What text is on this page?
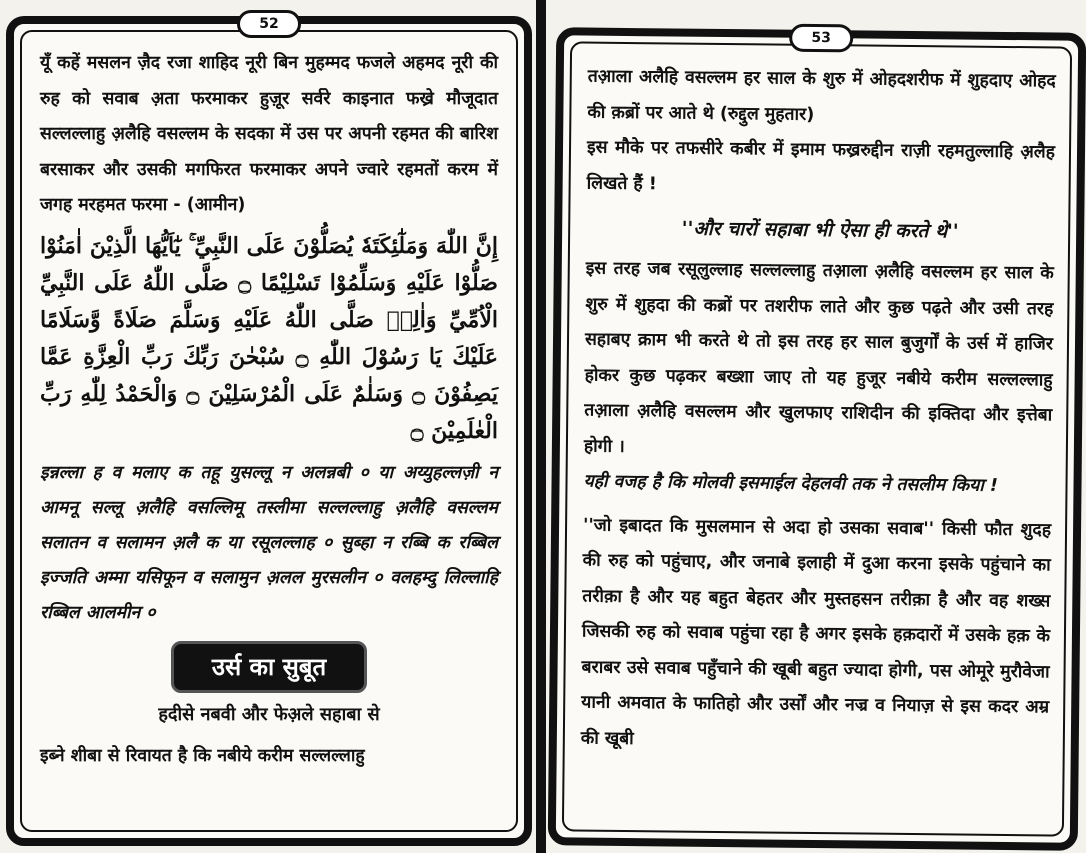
52

यूँ कहें मसलन ज़ैद रजा शाहिद नूरी बिन मुहम्मद फजले अहमद नूरी की रुह को सवाब अ़ता फरमाकर हुज़ूर सर्वरे काइनात फख्रे मौजूदात सल्लल्लाहु अ़लैहि वसल्लम के सदका में उस पर अपनी रहमत की बारिश बरसाकर और उसकी मगफिरत फरमाकर अपने ज्वारे रहमतों करम में जगह मरहमत फरमा - (आमीन)

إِنَّ اللّٰهَ وَمَلٰٓئِكَتَهٗ يُصَلُّوْنَ عَلَى النَّبِيِّ ۚ يٰٓاَيُّهَا الَّذِيْنَ اٰمَنُوْا صَلُّوْا عَلَيْهِ وَسَلِّمُوْا تَسْلِيْمًا ۝ صَلَّى اللّٰهُ عَلَى النَّبِيِّ الْاُمِّيِّ وَاٰلِهٖ صَلَّى اللّٰهُ عَلَيْهِ وَسَلَّمَ صَلَاةً وَّسَلَامًا عَلَيْكَ يَا رَسُوْلَ اللّٰهِ ۝ سُبْحٰنَ رَبِّكَ رَبِّ الْعِزَّةِ عَمَّا يَصِفُوْنَ ۝ وَسَلٰمٌ عَلَى الْمُرْسَلِيْنَ ۝ وَالْحَمْدُ لِلّٰهِ رَبِّ الْعٰلَمِيْنَ ۝

इन्नल्ला ह व मलाए क तहू युसल्लू न अलन्नबी ० या अय्युहल्लज़ी न आमनू सल्लू अ़लैहि वसल्लिमू तस्लीमा सल्लल्लाहु अ़लैहि वसल्लम सलातन व सलामन अ़लै क या रसूलल्लाह ० सुब्हा न रब्बि क रब्बिल इज्जति अम्मा यसिफून व सलामुन अ़लल मुरसलीन ० वलहम्दु लिल्लाहि रब्बिल आलमीन ०

उर्स का सुबूत

हदीसे नबवी और फेअ़ले सहाबा से

इब्ने शीबा से रिवायत है कि नबीये करीम सल्लल्लाहु

53

तआ़ला अलैहि वसल्लम हर साल के शुरु में ओहदशरीफ में शुहदाए ओहद की क़ब्रों पर आते थे (रुद्दुल मुहतार)

इस मौके पर तफसीरे कबीर में इमाम फख्ररुद्दीन राज़ी रहमतुल्लाहि अ़लैह लिखते हैं !

''और चारों सहाबा भी ऐसा ही करते थे''

इस तरह जब रसूलुल्लाह सल्लल्लाहु तआ़ला अ़लैहि वसल्लम हर साल के शुरु में शुहदा की कब्रों पर तशरीफ लाते और कुछ पढ़ते और उसी तरह सहाबए क्राम भी करते थे तो इस तरह हर साल बुजुर्गों के उर्स में हाजिर होकर कुछ पढ़कर बख्शा जाए तो यह हुजूर नबीये करीम सल्लल्लाहु तआ़ला अ़लैहि वसल्लम और खुलफाए राशिदीन की इक्तिदा और इत्तेबा होगी ।

यही वजह है कि मोलवी इसमाईल देहलवी तक ने तसलीम किया !

''जो इबादत कि मुसलमान से अदा हो उसका सवाब'' किसी फौत शुदह की रुह को पहुंचाए, और जनाबे इलाही में दुआ करना इसके पहुंचाने का तरीक़ा है और यह बहुत बेहतर और मुस्तहसन तरीक़ा है और वह शख्स जिसकी रुह को सवाब पहुंचा रहा है अगर इसके हक़दारों में उसके हक़ के बराबर उसे सवाब पहुँचाने की खूबी बहुत ज्यादा होगी, पस ओमूरे मुरौवेजा यानी अमवात के फातिहो और उर्सों और नज्र व नियाज़ से इस कदर अम्र की खूबी
